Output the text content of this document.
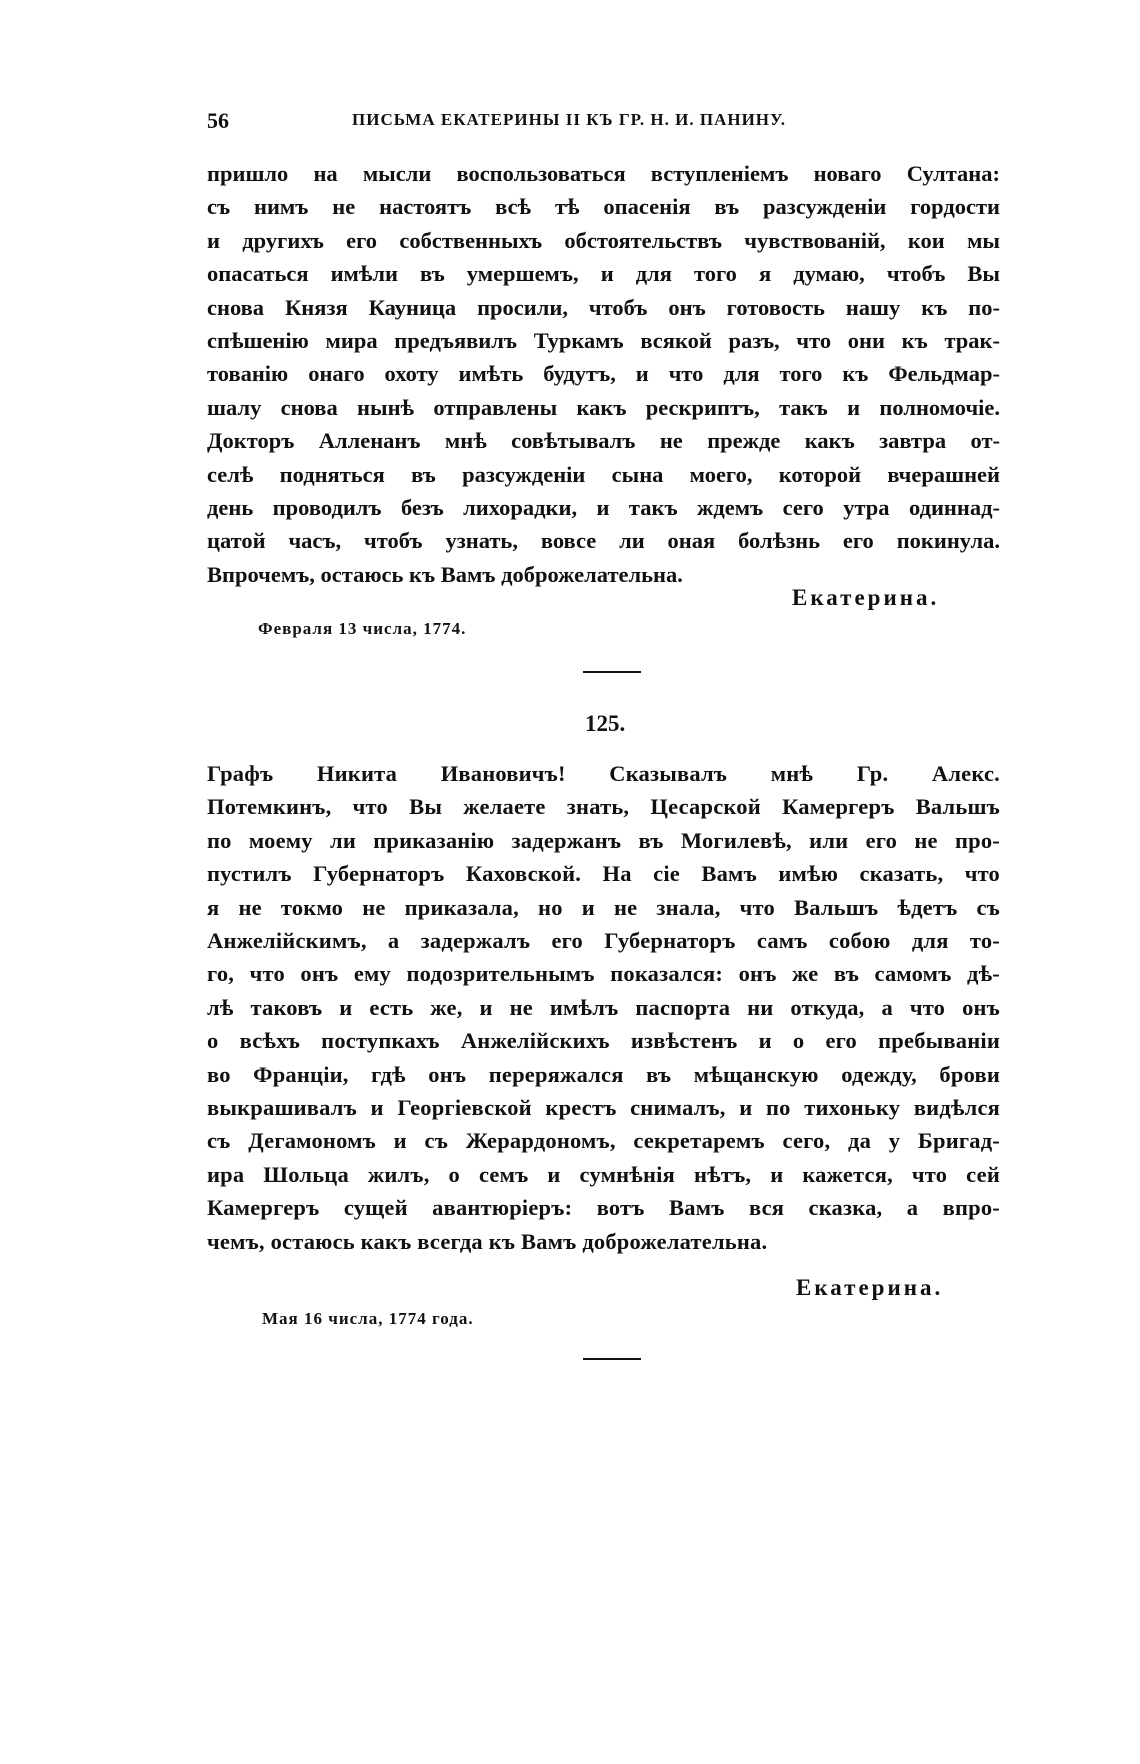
56	ПИСЬМА ЕКАТЕРИНЫ II КЪ ГР. Н. И. ПАНИНУ.
пришло на мысли воспользоваться вступленіемъ новаго Султана:
съ нимъ не настоятъ всѣ тѣ опасенія въ разсужденіи гордости
и другихъ его собственныхъ обстоятельствъ чувствованій, кои мы
опасаться имѣли въ умершемъ, и для того я думаю, чтобъ Вы
снова Князя Кауница просили, чтобъ онъ готовость нашу къ по-
спѣшенію мира предъявилъ Туркамъ всякой разъ, что они къ трак-
тованію онаго охоту имѣть будутъ, и что для того къ Фельдмар-
шалу снова нынѣ отправлены какъ рескриптъ, такъ и полномочіе.
Докторъ Алленанъ мнѣ совѣтывалъ не прежде какъ завтра от-
селѣ подняться въ разсужденіи сына моего, которой вчерашней
день проводилъ безъ лихорадки, и такъ ждемъ сего утра одиннад-
цатой часъ, чтобъ узнать, вовсе ли оная болѣзнь его покинула.
Впрочемъ, остаюсь къ Вамъ доброжелательна.
Екатерина.
Февраля 13 числа, 1774.
125.
Графъ Никита Ивановичъ! Сказывалъ мнѣ Гр. Алекс.
Потемкинъ, что Вы желаете знать, Цесарской Камергеръ Вальшъ
по моему ли приказанію задержанъ въ Могилевѣ, или его не про-
пустилъ Губернаторъ Каховской. На сіе Вамъ имѣю сказать, что
я не токмо не приказала, но и не знала, что Вальшъ ѣдетъ съ
Анжелійскимъ, а задержалъ его Губернаторъ самъ собою для то-
го, что онъ ему подозрительнымъ показался: онъ же въ самомъ дѣ-
лѣ таковъ и есть же, и не имѣлъ паспорта ни откуда, а что онъ
о всѣхъ поступкахъ Анжелійскихъ извѣстенъ и о его пребываніи
во Франціи, гдѣ онъ переряжался въ мѣщанскую одежду, брови
выкрашивалъ и Георгіевской крестъ снималъ, и по тихоньку видѣлся
съ Дегамономъ и съ Жерардономъ, секретаремъ сего, да у Бригад-
ира Шольца жилъ, о семъ и сумнѣнія нѣтъ, и кажется, что сей
Камергеръ сущей авантюріеръ: вотъ Вамъ вся сказка, а впро-
чемъ, остаюсь какъ всегда къ Вамъ доброжелательна.
Екатерина.
Мая 16 числа, 1774 года.
